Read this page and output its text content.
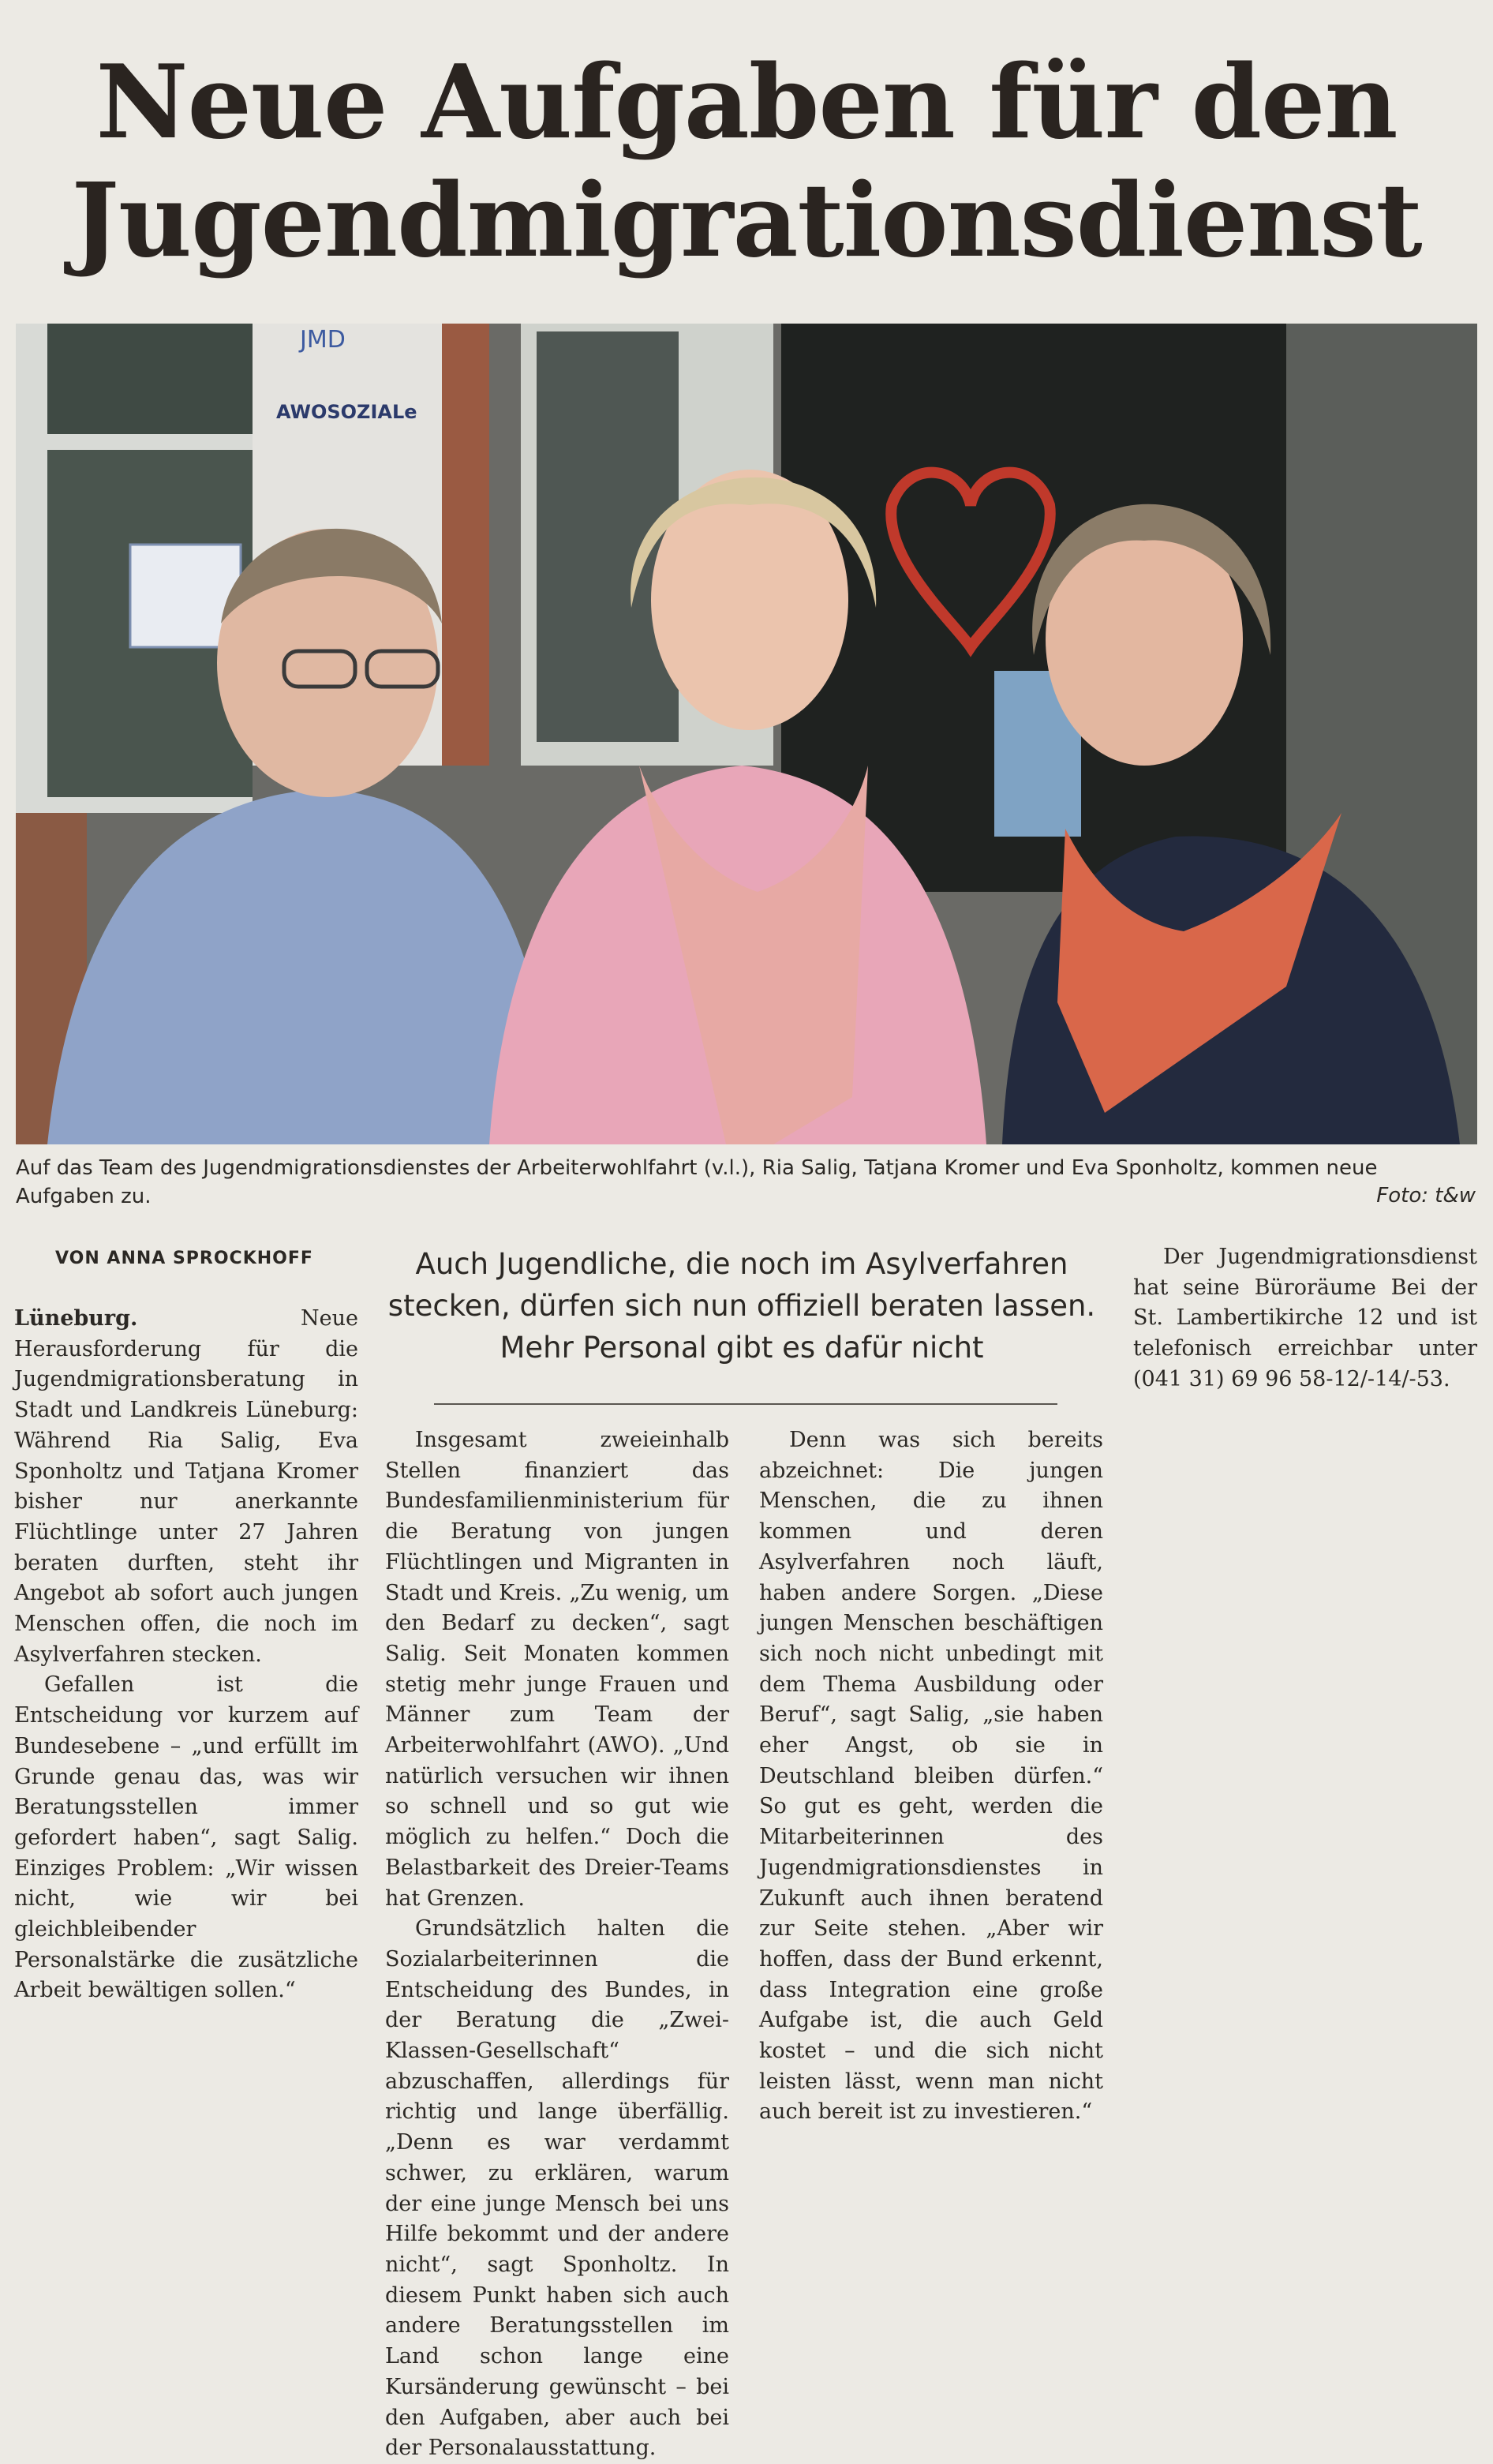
Neue Aufgaben für den
Jugendmigrationsdienst
JMD
AWOSOZIALe
Auf das Team des Jugendmigrationsdienstes der Arbeiterwohlfahrt (v.l.), Ria Salig, Tatjana Kromer und Eva Sponholtz, kommen neue Aufgaben zu.	Foto: t&w
VON ANNA SPROCKHOFF	Auch Jugendliche, die noch im Asylverfahren stecken, dürfen sich nun offiziell beraten lassen. Mehr Personal gibt es dafür nicht

Lüneburg.	Neue Herausforderung für die Jugendmigrationsberatung in Stadt und Landkreis Lüneburg: Während Ria Salig, Eva Sponholtz und Tatjana Kromer bisher nur anerkannte Flüchtlinge unter 27 Jahren beraten durften, steht ihr Angebot ab sofort auch jungen Menschen offen, die noch im Asylverfahren stecken.

Gefallen ist die Entscheidung vor kurzem auf Bundesebene – „und erfüllt im Grunde genau das, was wir Beratungsstellen immer gefordert haben“, sagt Salig. Einziges Problem: „Wir wissen nicht, wie wir bei gleichbleibender Personalstärke die zusätzliche Arbeit bewältigen sollen.“

Insgesamt zweieinhalb Stellen finanziert das Bundesfamilienministerium für die Beratung von jungen Flüchtlingen und Migranten in Stadt und Kreis. „Zu wenig, um den Bedarf zu decken“, sagt Salig. Seit Monaten kommen stetig mehr junge Frauen und Männer zum Team der Arbeiterwohlfahrt (AWO). „Und natürlich versuchen wir ihnen so schnell und so gut wie möglich zu helfen.“ Doch die Belastbarkeit des Dreier-Teams hat Grenzen.

Grundsätzlich halten die Sozialarbeiterinnen die Entscheidung des Bundes, in der Beratung die „Zwei-Klassen-Gesellschaft“ abzuschaffen, allerdings für richtig und lange überfällig. „Denn es war verdammt schwer, zu erklären, warum der eine junge Mensch bei uns Hilfe bekommt und der andere nicht“, sagt Sponholtz. In diesem Punkt haben sich auch andere Beratungsstellen im Land schon lange eine Kursänderung gewünscht – bei den Aufgaben, aber auch bei der Personalausstattung.

Denn was sich bereits abzeichnet: Die jungen Menschen, die zu ihnen kommen und deren Asylverfahren noch läuft, haben andere Sorgen. „Diese jungen Menschen beschäftigen sich noch nicht unbedingt mit dem Thema Ausbildung oder Beruf“, sagt Salig, „sie haben eher Angst, ob sie in Deutschland bleiben dürfen.“ So gut es geht, werden die Mitarbeiterinnen des Jugendmigrationsdienstes in Zukunft auch ihnen beratend zur Seite stehen. „Aber wir hoffen, dass der Bund erkennt, dass Integration eine große Aufgabe ist, die auch Geld kostet – und die sich nicht leisten lässt, wenn man nicht auch bereit ist zu investieren.“

Der Jugendmigrationsdienst hat seine Büroräume Bei der St. Lambertikirche 12 und ist telefonisch erreichbar unter (041 31) 69 96 58-12/-14/-53.
